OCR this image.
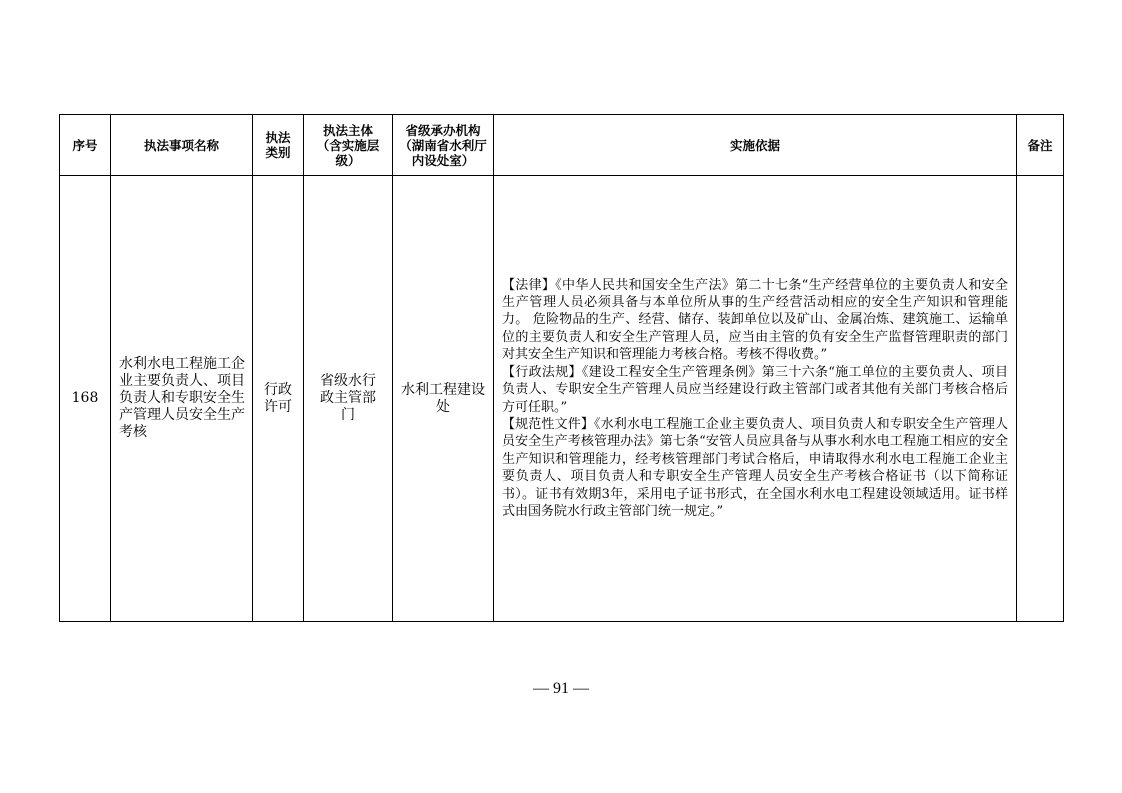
序号	执法事项名称	执法类别	执法主体（含实施层级）	省级承办机构（湖南省水利厅内设处室）	实施依据	备注
168	水利水电工程施工企业主要负责人、项目负责人和专职安全生产管理人员安全生产考核	行政许可	省级水行政主管部门	水利工程建设处	【法律】《中华人民共和国安全生产法》第二十七条“生产经营单位的主要负责人和安全生产管理人员必须具备与本单位所从事的生产经营活动相应的安全生产知识和管理能力。 危险物品的生产、经营、储存、装卸单位以及矿山、金属冶炼、建筑施工、运输单位的主要负责人和安全生产管理人员，应当由主管的负有安全生产监督管理职责的部门对其安全生产知识和管理能力考核合格。考核不得收费。”

【行政法规】《建设工程安全生产管理条例》第三十六条“施工单位的主要负责人、项目负责人、专职安全生产管理人员应当经建设行政主管部门或者其他有关部门考核合格后方可任职。”

【规范性文件】《水利水电工程施工企业主要负责人、项目负责人和专职安全生产管理人员安全生产考核管理办法》第七条“安管人员应具备与从事水利水电工程施工相应的安全生产知识和管理能力，经考核管理部门考试合格后，申请取得水利水电工程施工企业主要负责人、项目负责人和专职安全生产管理人员安全生产考核合格证书（以下简称证书）。证书有效期3年，采用电子证书形式，在全国水利水电工程建设领域适用。证书样式由国务院水行政主管部门统一规定。”	

— 91 —
